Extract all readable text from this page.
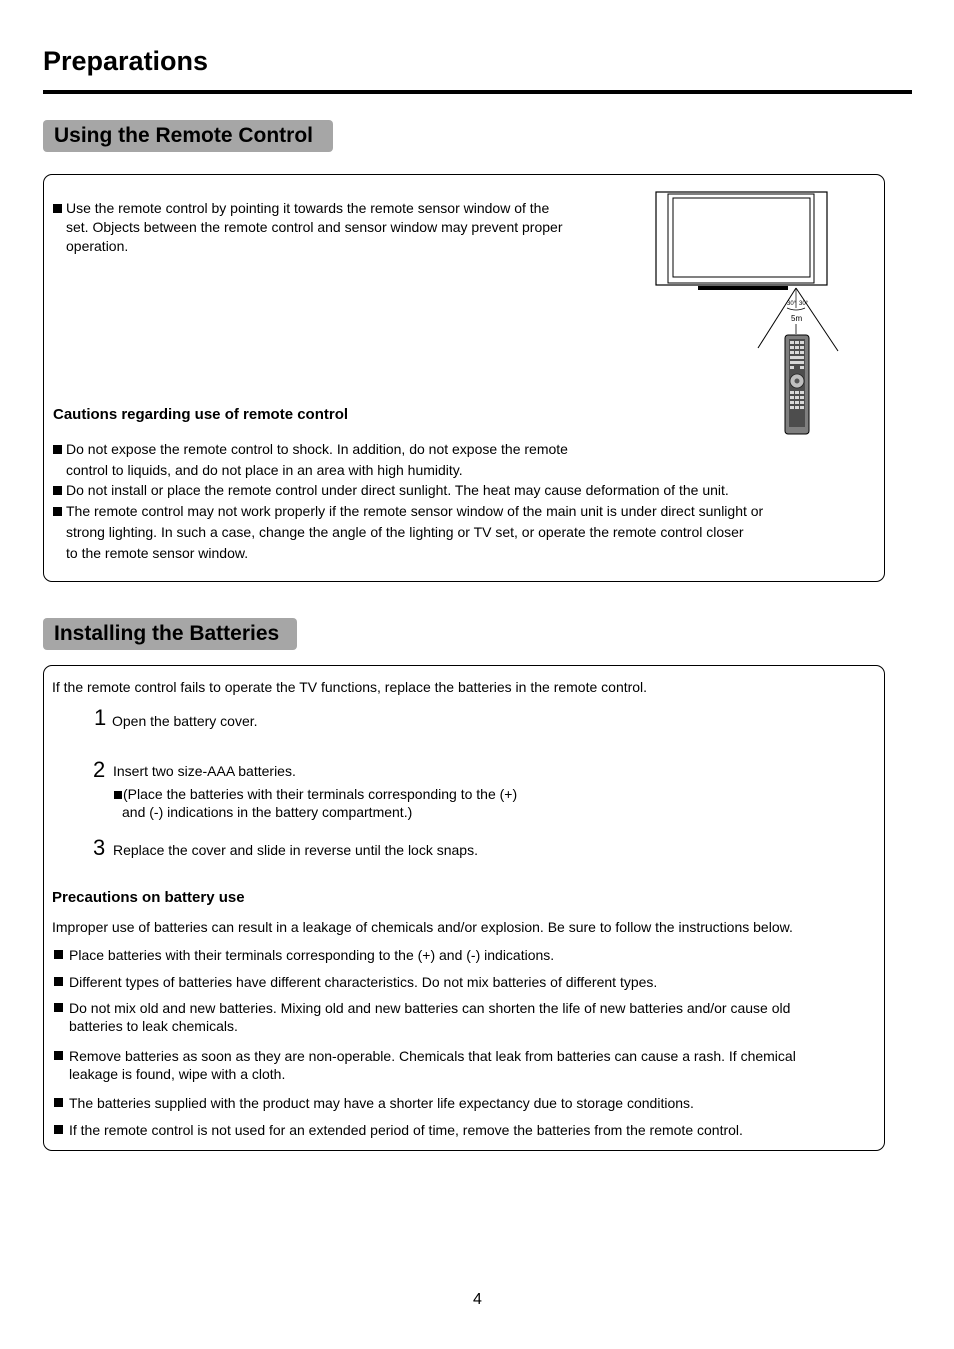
Preparations
Using the Remote Control
Use the remote control by pointing it towards the remote sensor window of the
set. Objects between the remote control and sensor window may prevent proper
operation.
30° 30°
5m
Cautions regarding use of remote control
Do not expose the remote control to shock. In addition, do not expose the remote
control to liquids, and do not place in an area with high humidity.
Do not install or place the remote control under direct sunlight. The heat may cause deformation of the unit.
The remote control may not work properly if the remote sensor window of the main unit is under direct sunlight or
strong lighting. In such a case, change the angle of the lighting or TV set, or operate the remote control closer
to the remote sensor window.
Installing the Batteries
If the remote control fails to operate the TV functions, replace the batteries in the remote control.
1 Open the battery cover.
2 Insert two size-AAA batteries.
(Place the batteries with their terminals corresponding to the (+)
and (-) indications in the battery compartment.)
3 Replace the cover and slide in reverse until the lock snaps.
Precautions on battery use
Improper use of batteries can result in a leakage of chemicals and/or explosion. Be sure to follow the instructions below.
Place batteries with their terminals corresponding to the (+) and (-) indications.
Different types of batteries have different characteristics. Do not mix batteries of different types.
Do not mix old and new batteries. Mixing old and new batteries can shorten the life of new batteries and/or cause old
batteries to leak chemicals.
Remove batteries as soon as they are non-operable. Chemicals that leak from batteries can cause a rash. If chemical
leakage is found, wipe with a cloth.
The batteries supplied with the product may have a shorter life expectancy due to storage conditions.
If the remote control is not used for an extended period of time, remove the batteries from the remote control.
4
